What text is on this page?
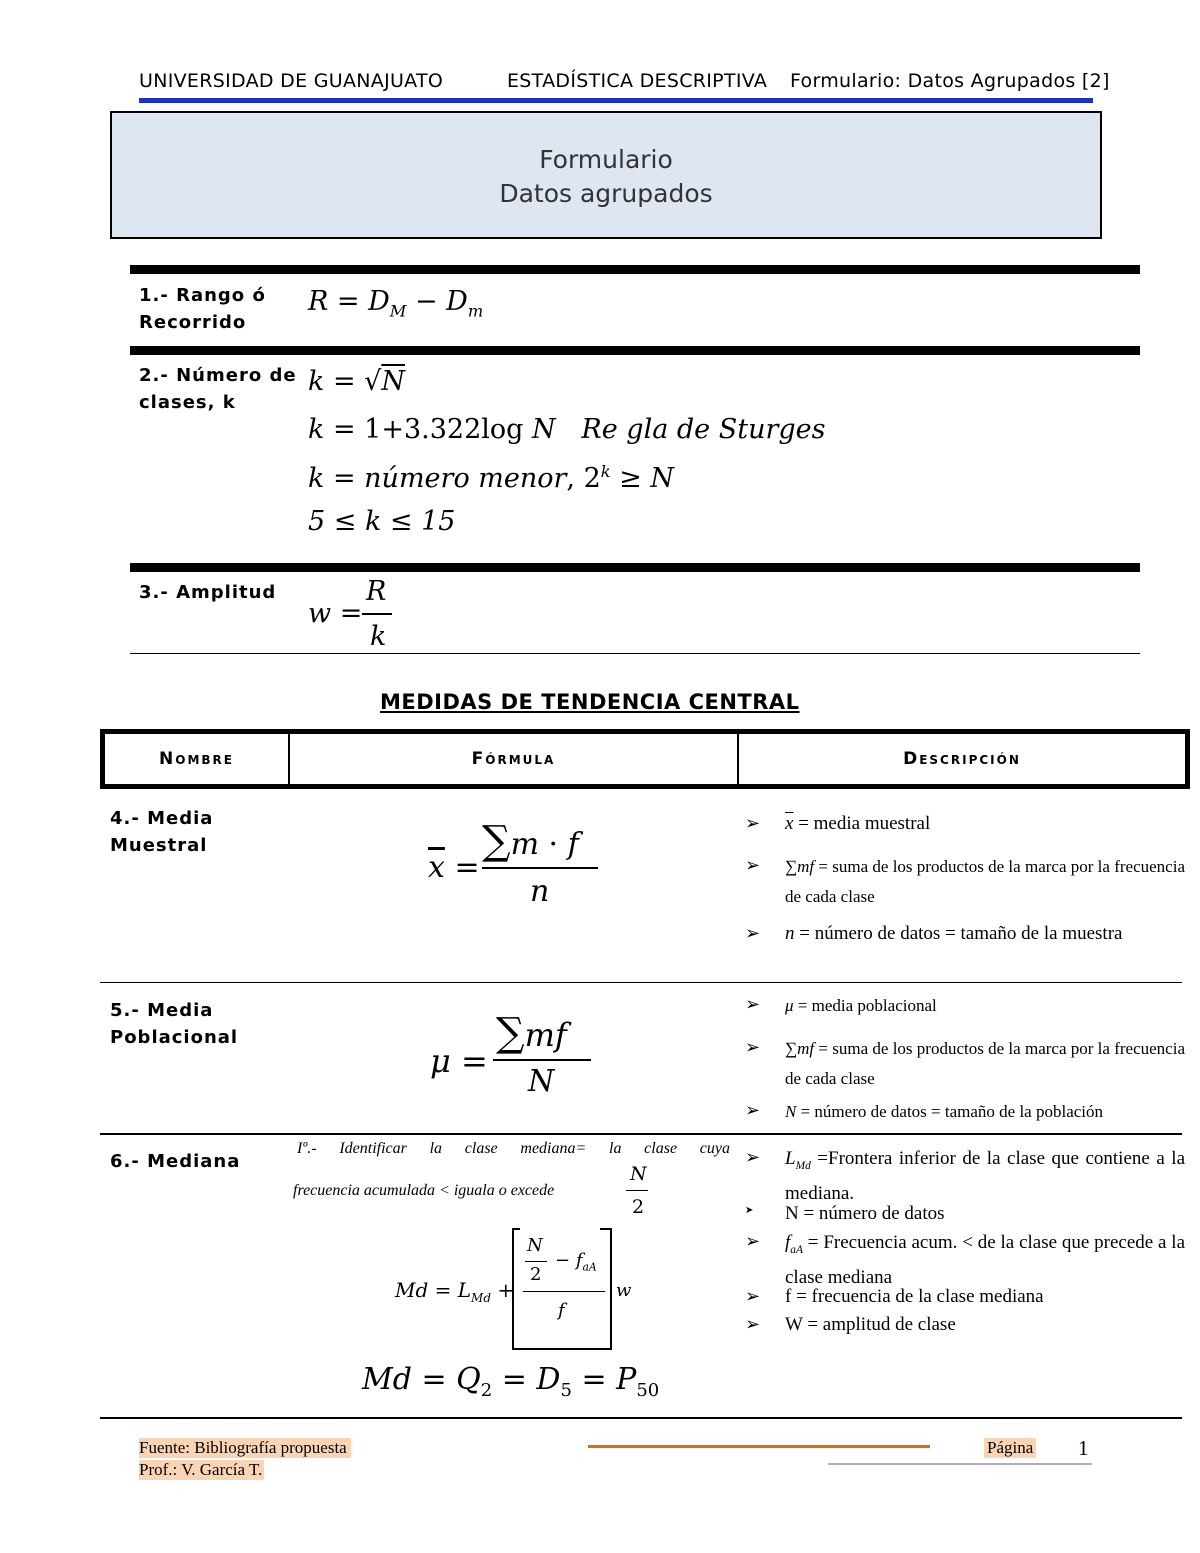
UNIVERSIDAD DE GUANAJUATO	ESTADÍSTICA DESCRIPTIVA Formulario: Datos Agrupados [2]
Formulario
Datos agrupados
1.- Rango ó
Recorrido
$R = D_M - D_m$
2.- Número de
clases, k
k = √N
k = 1+3.322log N   Re gla de Sturges
k = número menor, $2^k \ge N$
5 ≤ k ≤ 15
3.- Amplitud
w =
R
k
MEDIDAS DE TENDENCIA CENTRAL
Nombre	Fórmula	Descripción
4.- Media
Muestral
$\overline{x}$ =
∑m · f
n
➢ $\overline{x}$ = media muestral
➢ ∑mf = suma de los productos de la marca por la frecuencia de cada clase
➢ n = número de datos = tamaño de la muestra
5.- Media
Poblacional
μ =
∑mf
N
➢ μ = media poblacional
➢ ∑mf = suma de los productos de la marca por la frecuencia de cada clase
➢ N = número de datos = tamaño de la población
6.- Mediana
Iº.- Identificar la clase mediana= la clase cuya
frecuencia acumulada < iguala o excede
N
2
$Md = L_{Md}$ +
N
2
− $f_{aA}$
f
w
$Md = Q_2 = D_5 = P_{50}$
➢ $L_{Md}$ =Frontera inferior de la clase que contiene a la mediana.
➤ N = número de datos
➢ $f_{aA}$ = Frecuencia acum. < de la clase que precede a la clase mediana
➢ f = frecuencia de la clase mediana
➢ W = amplitud de clase
Fuente: Bibliografía propuesta
Prof.: V. García T.
Página 1
